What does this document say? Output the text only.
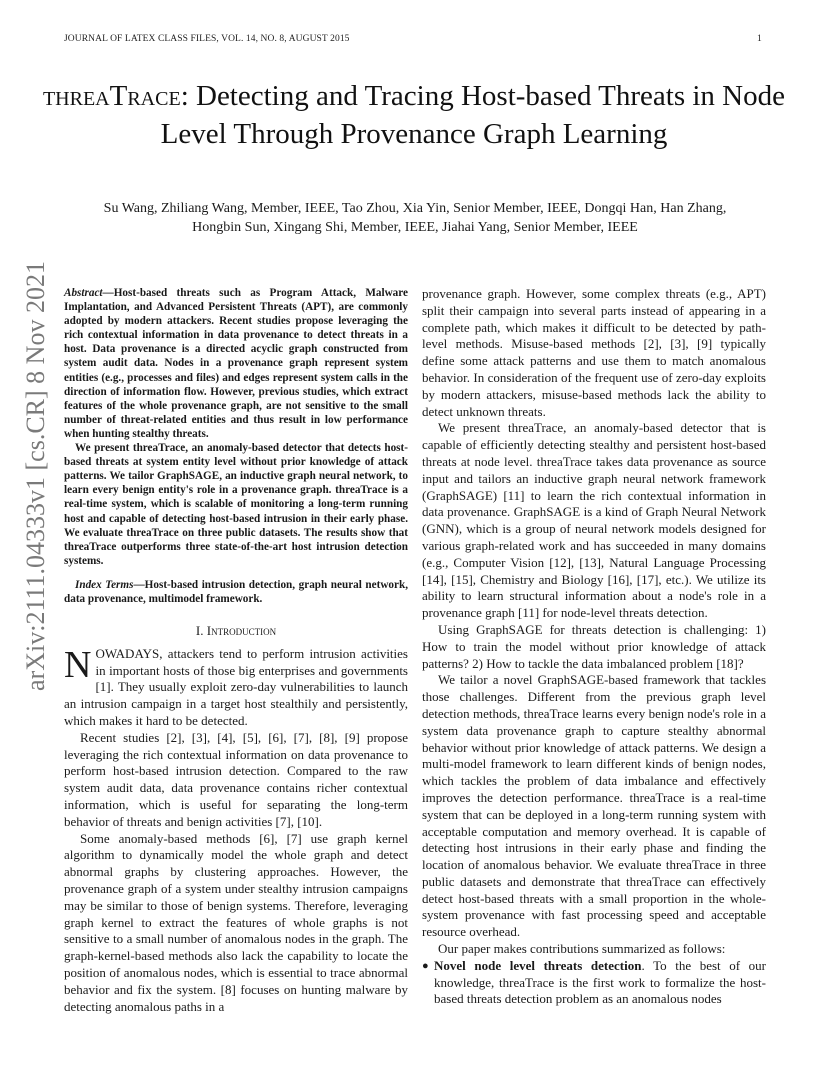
JOURNAL OF LATEX CLASS FILES, VOL. 14, NO. 8, AUGUST 2015	1
threaTrace: Detecting and Tracing Host-based Threats in Node Level Through Provenance Graph Learning
Su Wang, Zhiliang Wang, Member, IEEE, Tao Zhou, Xia Yin, Senior Member, IEEE, Dongqi Han, Han Zhang,
Hongbin Sun, Xingang Shi, Member, IEEE, Jiahai Yang, Senior Member, IEEE
arXiv:2111.04333v1 [cs.CR] 8 Nov 2021 Abstract—Host-based threats such as Program Attack, Malware Implantation, and Advanced Persistent Threats (APT), are commonly adopted by modern attackers. Recent studies propose leveraging the rich contextual information in data provenance to detect threats in a host. Data provenance is a directed acyclic graph constructed from system audit data. Nodes in a provenance graph represent system entities (e.g., processes and files) and edges represent system calls in the direction of information flow. However, previous studies, which extract features of the whole provenance graph, are not sensitive to the small number of threat-related entities and thus result in low performance when hunting stealthy threats.

We present threaTrace, an anomaly-based detector that detects host-based threats at system entity level without prior knowledge of attack patterns. We tailor GraphSAGE, an inductive graph neural network, to learn every benign entity's role in a provenance graph. threaTrace is a real-time system, which is scalable of monitoring a long-term running host and capable of detecting host-based intrusion in their early phase. We evaluate threaTrace on three public datasets. The results show that threaTrace outperforms three state-of-the-art host intrusion detection systems.

Index Terms—Host-based intrusion detection, graph neural network, data provenance, multimodel framework.

I. Introduction

NOWADAYS, attackers tend to perform intrusion activities in important hosts of those big enterprises and governments [1]. They usually exploit zero-day vulnerabilities to launch an intrusion campaign in a target host stealthily and persistently, which makes it hard to be detected.

Recent studies [2], [3], [4], [5], [6], [7], [8], [9] propose leveraging the rich contextual information on data provenance to perform host-based intrusion detection. Compared to the raw system audit data, data provenance contains richer contextual information, which is useful for separating the long-term behavior of threats and benign activities [7], [10].

Some anomaly-based methods [6], [7] use graph kernel algorithm to dynamically model the whole graph and detect abnormal graphs by clustering approaches. However, the provenance graph of a system under stealthy intrusion campaigns may be similar to those of benign systems. Therefore, leveraging graph kernel to extract the features of whole graphs is not sensitive to a small number of anomalous nodes in the graph. The graph-kernel-based methods also lack the capability to locate the position of anomalous nodes, which is essential to trace abnormal behavior and fix the system. [8] focuses on hunting malware by detecting anomalous paths in a

provenance graph. However, some complex threats (e.g., APT) split their campaign into several parts instead of appearing in a complete path, which makes it difficult to be detected by path-level methods. Misuse-based methods [2], [3], [9] typically define some attack patterns and use them to match anomalous behavior. In consideration of the frequent use of zero-day exploits by modern attackers, misuse-based methods lack the ability to detect unknown threats.

We present threaTrace, an anomaly-based detector that is capable of efficiently detecting stealthy and persistent host-based threats at node level. threaTrace takes data provenance as source input and tailors an inductive graph neural network framework (GraphSAGE) [11] to learn the rich contextual information in data provenance. GraphSAGE is a kind of Graph Neural Network (GNN), which is a group of neural network models designed for various graph-related work and has succeeded in many domains (e.g., Computer Vision [12], [13], Natural Language Processing [14], [15], Chemistry and Biology [16], [17], etc.). We utilize its ability to learn structural information about a node's role in a provenance graph [11] for node-level threats detection.

Using GraphSAGE for threats detection is challenging: 1) How to train the model without prior knowledge of attack patterns? 2) How to tackle the data imbalanced problem [18]?

We tailor a novel GraphSAGE-based framework that tackles those challenges. Different from the previous graph level detection methods, threaTrace learns every benign node's role in a system data provenance graph to capture stealthy abnormal behavior without prior knowledge of attack patterns. We design a multi-model framework to learn different kinds of benign nodes, which tackles the problem of data imbalance and effectively improves the detection performance. threaTrace is a real-time system that can be deployed in a long-term running system with acceptable computation and memory overhead. It is capable of detecting host intrusions in their early phase and finding the location of anomalous behavior. We evaluate threaTrace in three public datasets and demonstrate that threaTrace can effectively detect host-based threats with a small proportion in the whole-system provenance with fast processing speed and acceptable resource overhead.

Our paper makes contributions summarized as follows:

● Novel node level threats detection. To the best of our knowledge, threaTrace is the first work to formalize the host-based threats detection problem as an anomalous nodes
